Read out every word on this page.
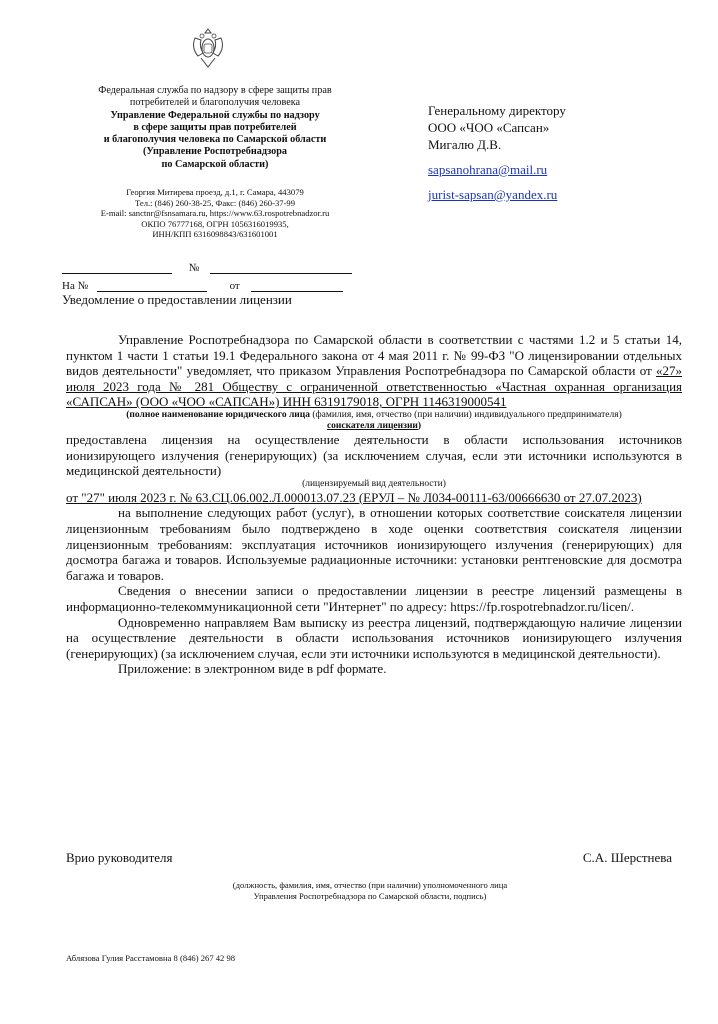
Федеральная служба по надзору в сфере защиты прав потребителей и благополучия человека
Управление Федеральной службы по надзору
в сфере защиты прав потребителей
и благополучия человека по Самарской области
(Управление Роспотребнадзора
по Самарской области)
Георгия Митирева проезд, д.1, г. Самара, 443079
Тел.: (846) 260-38-25, Факс: (846) 260-37-99
E-mail: sanctnr@fsnsamara.ru, https://www.63.rospotrebnadzor.ru
ОКПО 76777168, ОГРН 1056316019935,
ИНН/КПП 6316098843/631601001
Генеральному директору
ООО «ЧОО «Сапсан»
Мигалю Д.В.
sapsanohrana@mail.ru
jurist-sapsan@yandex.ru
№
На №	от
Уведомление о предоставлении лицензии

Управление Роспотребнадзора по Самарской области в соответствии с частями 1.2 и 5 статьи 14, пунктом 1 части 1 статьи 19.1 Федерального закона от 4 мая 2011 г. № 99-ФЗ "О лицензировании отдельных видов деятельности" уведомляет, что приказом Управления Роспотребнадзора по Самарской области от «27» июля 2023 года № 281 Обществу с ограниченной ответственностью «Частная охранная организация «САПСАН» (ООО «ЧОО «САПСАН») ИНН 6319179018, ОГРН 1146319000541

(полное наименование юридического лица (фамилия, имя, отчество (при наличии) индивидуального предпринимателя)
соискателя лицензии)

предоставлена лицензия на осуществление деятельности в области использования источников ионизирующего излучения (генерирующих) (за исключением случая, если эти источники используются в медицинской деятельности)

(лицензируемый вид деятельности)

от "27" июля 2023 г. № 63.СЦ.06.002.Л.000013.07.23 (ЕРУЛ – № Л034-00111-63/00666630 от 27.07.2023)

на выполнение следующих работ (услуг), в отношении которых соответствие соискателя лицензии лицензионным требованиям было подтверждено в ходе оценки соответствия соискателя лицензии лицензионным требованиям: эксплуатация источников ионизирующего излучения (генерирующих) для досмотра багажа и товаров. Используемые радиационные источники: установки рентгеновские для досмотра багажа и товаров.

Сведения о внесении записи о предоставлении лицензии в реестре лицензий размещены в информационно-телекоммуникационной сети "Интернет" по адресу: https://fp.rospotrebnadzor.ru/licen/.

Одновременно направляем Вам выписку из реестра лицензий, подтверждающую наличие лицензии на осуществление деятельности в области использования источников ионизирующего излучения (генерирующих) (за исключением случая, если эти источники используются в медицинской деятельности).

Приложение: в электронном виде в pdf формате.

Врио руководителя	С.А. Шерстнева
(должность, фамилия, имя, отчество (при наличии) уполномоченного лица
Управления Роспотребнадзора по Самарской области, подпись)
Аблязова Гулия Расстамовна 8 (846) 267 42 98
